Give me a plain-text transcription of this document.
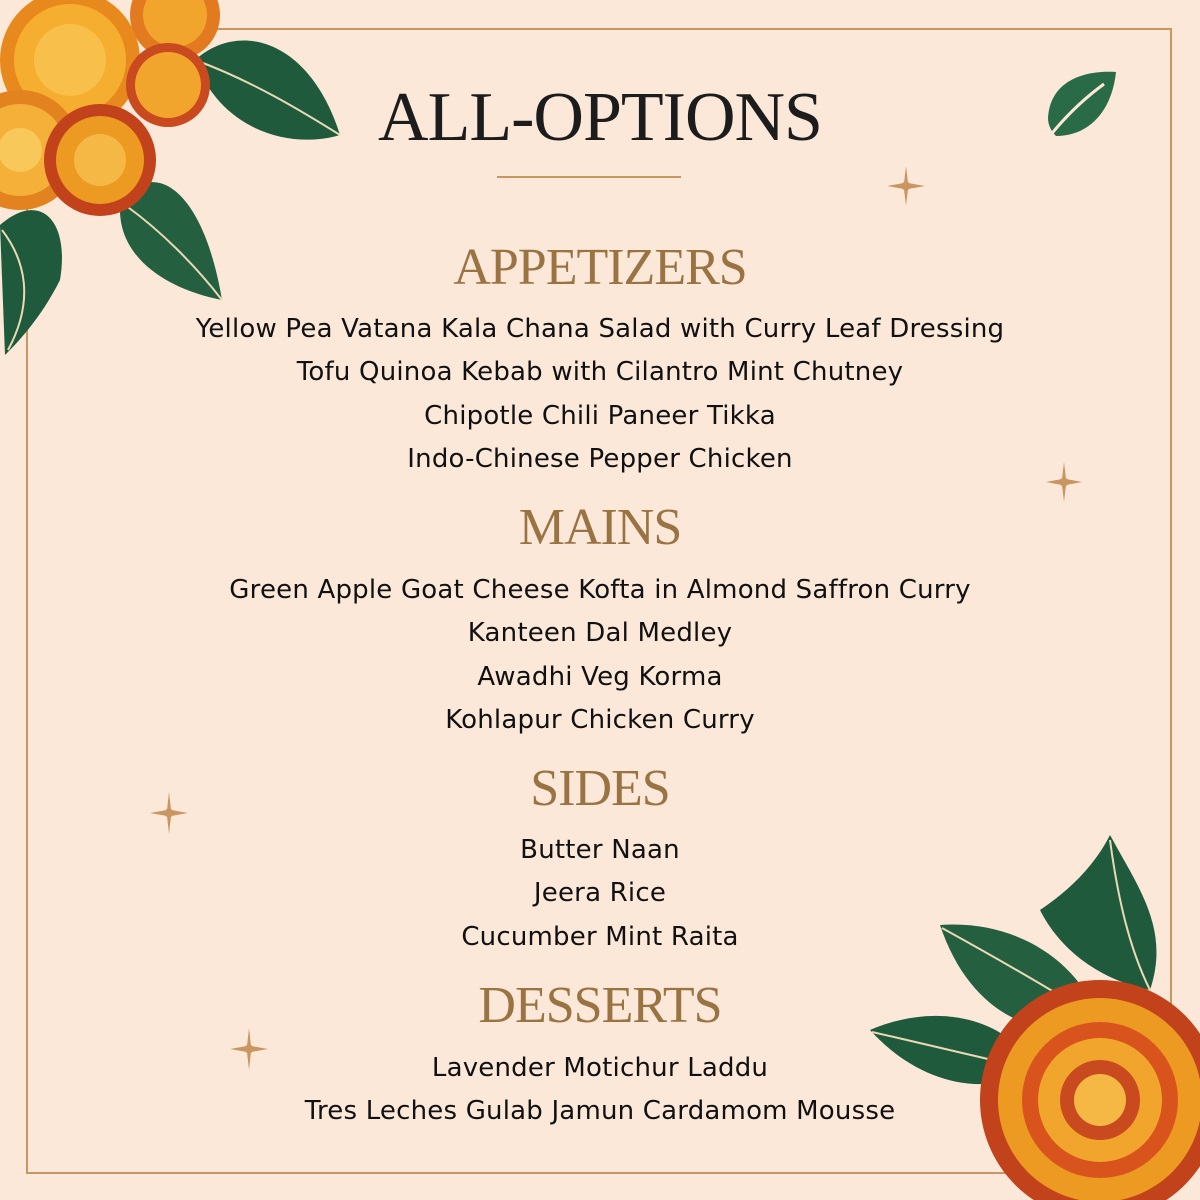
ALL-OPTIONS
APPETIZERS
Yellow Pea Vatana Kala Chana Salad with Curry Leaf Dressing
Tofu Quinoa Kebab with Cilantro Mint Chutney
Chipotle Chili Paneer Tikka
Indo-Chinese Pepper Chicken
MAINS
Green Apple Goat Cheese Kofta in Almond Saffron Curry
Kanteen Dal Medley
Awadhi Veg Korma
Kohlapur Chicken Curry
SIDES
Butter Naan
Jeera Rice
Cucumber Mint Raita
DESSERTS
Lavender Motichur Laddu
Tres Leches Gulab Jamun Cardamom Mousse
